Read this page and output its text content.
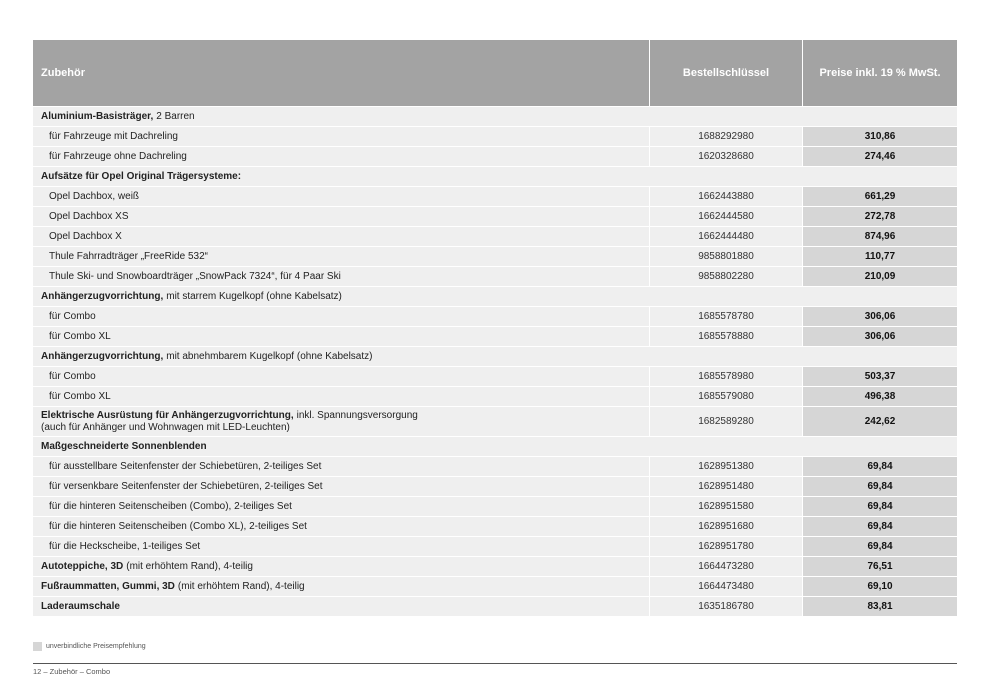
Zubehör	Bestellschlüssel	Preise inkl. 19 % MwSt.
Aluminium-Basisträger, 2 Barren
für Fahrzeuge mit Dachreling	1688292980	310,86
für Fahrzeuge ohne Dachreling	1620328680	274,46
Aufsätze für Opel Original Trägersysteme:
Opel Dachbox, weiß	1662443880	661,29
Opel Dachbox XS	1662444580	272,78
Opel Dachbox X	1662444480	874,96
Thule Fahrradträger „FreeRide 532“	9858801880	110,77
Thule Ski- und Snowboardträger „SnowPack 7324“, für 4 Paar Ski	9858802280	210,09
Anhängerzugvorrichtung, mit starrem Kugelkopf (ohne Kabelsatz)
für Combo	1685578780	306,06
für Combo XL	1685578880	306,06
Anhängerzugvorrichtung, mit abnehmbarem Kugelkopf (ohne Kabelsatz)
für Combo	1685578980	503,37
für Combo XL	1685579080	496,38
Elektrische Ausrüstung für Anhängerzugvorrichtung, inkl. Spannungsversorgung
(auch für Anhänger und Wohnwagen mit LED-Leuchten)
1682589280	242,62
Maßgeschneiderte Sonnenblenden
für ausstellbare Seitenfenster der Schiebetüren, 2-teiliges Set	1628951380	69,84
für versenkbare Seitenfenster der Schiebetüren, 2-teiliges Set	1628951480	69,84
für die hinteren Seitenscheiben (Combo), 2-teiliges Set	1628951580	69,84
für die hinteren Seitenscheiben (Combo XL), 2-teiliges Set	1628951680	69,84
für die Heckscheibe, 1-teiliges Set	1628951780	69,84
Autoteppiche, 3D (mit erhöhtem Rand), 4-teilig	1664473280	76,51
Fußraummatten, Gummi, 3D (mit erhöhtem Rand), 4-teilig	1664473480	69,10
Laderaumschale	1635186780	83,81
unverbindliche Preisempfehlung
12 – Zubehör – Combo
